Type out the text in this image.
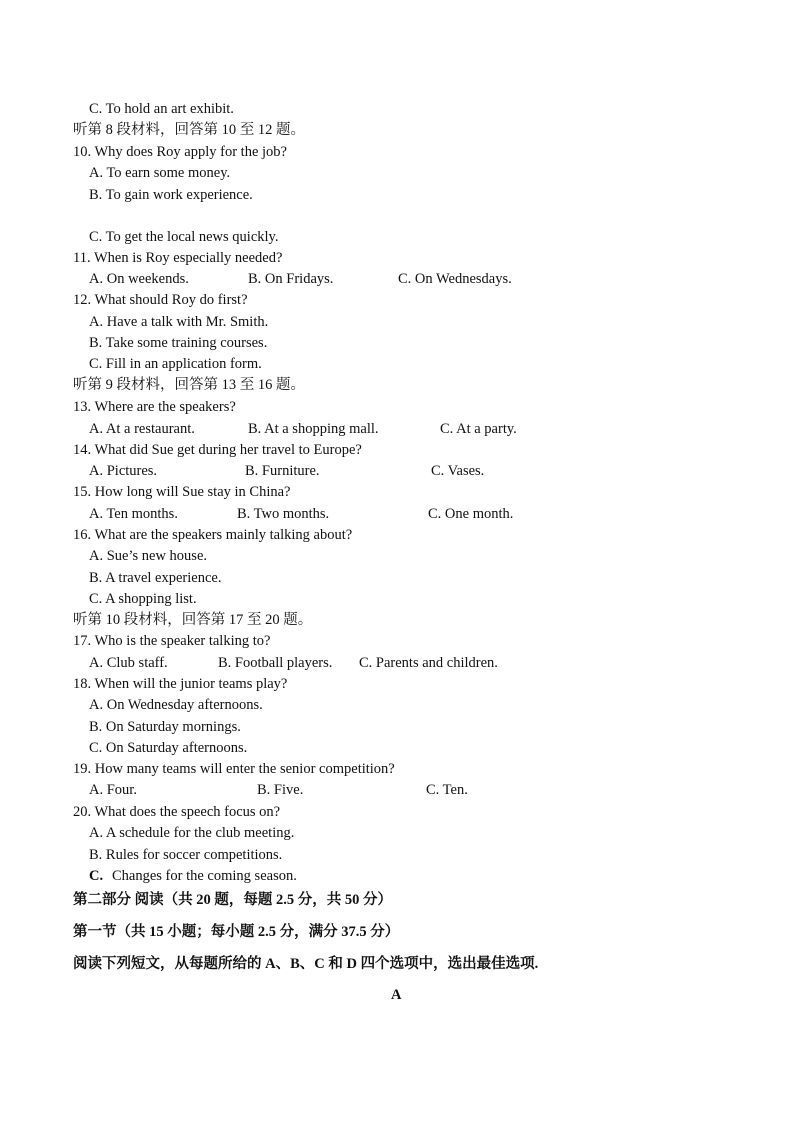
C. To hold an art exhibit.
听第 8 段材料，回答第 10 至 12 题。
10. Why does Roy apply for the job?
A. To earn some money.
B. To gain work experience.
C. To get the local news quickly.
11. When is Roy especially needed?
A. On weekends.	B. On Fridays.	C. On Wednesdays.
12. What should Roy do first?
A. Have a talk with Mr. Smith.
B. Take some training courses.
C. Fill in an application form.
听第 9 段材料，回答第 13 至 16 题。
13. Where are the speakers?
A. At a restaurant.	B. At a shopping mall.	C. At a party.
14. What did Sue get during her travel to Europe?
A. Pictures.	B. Furniture.	C. Vases.
15. How long will Sue stay in China?
A. Ten months.	B. Two months.	C. One month.
16. What are the speakers mainly talking about?
A. Sue’s new house.
B. A travel experience.
C. A shopping list.
听第 10 段材料，回答第 17 至 20 题。
17. Who is the speaker talking to?
A. Club staff.	B. Football players. C. Parents and children.
18. When will the junior teams play?
A. On Wednesday afternoons.
B. On Saturday mornings.
C. On Saturday afternoons.
19. How many teams will enter the senior competition?
A. Four.	B. Five.	C. Ten.
20. What does the speech focus on?
A. A schedule for the club meeting.
B. Rules for soccer competitions.
C. Changes for the coming season.
第二部分 阅读（共 20 题，每题 2.5 分，共 50 分）
第一节（共 15 小题；每小题 2.5 分，满分 37.5 分）
阅读下列短文，从每题所给的 A、B、C 和 D 四个选项中，选出最佳选项.
A
